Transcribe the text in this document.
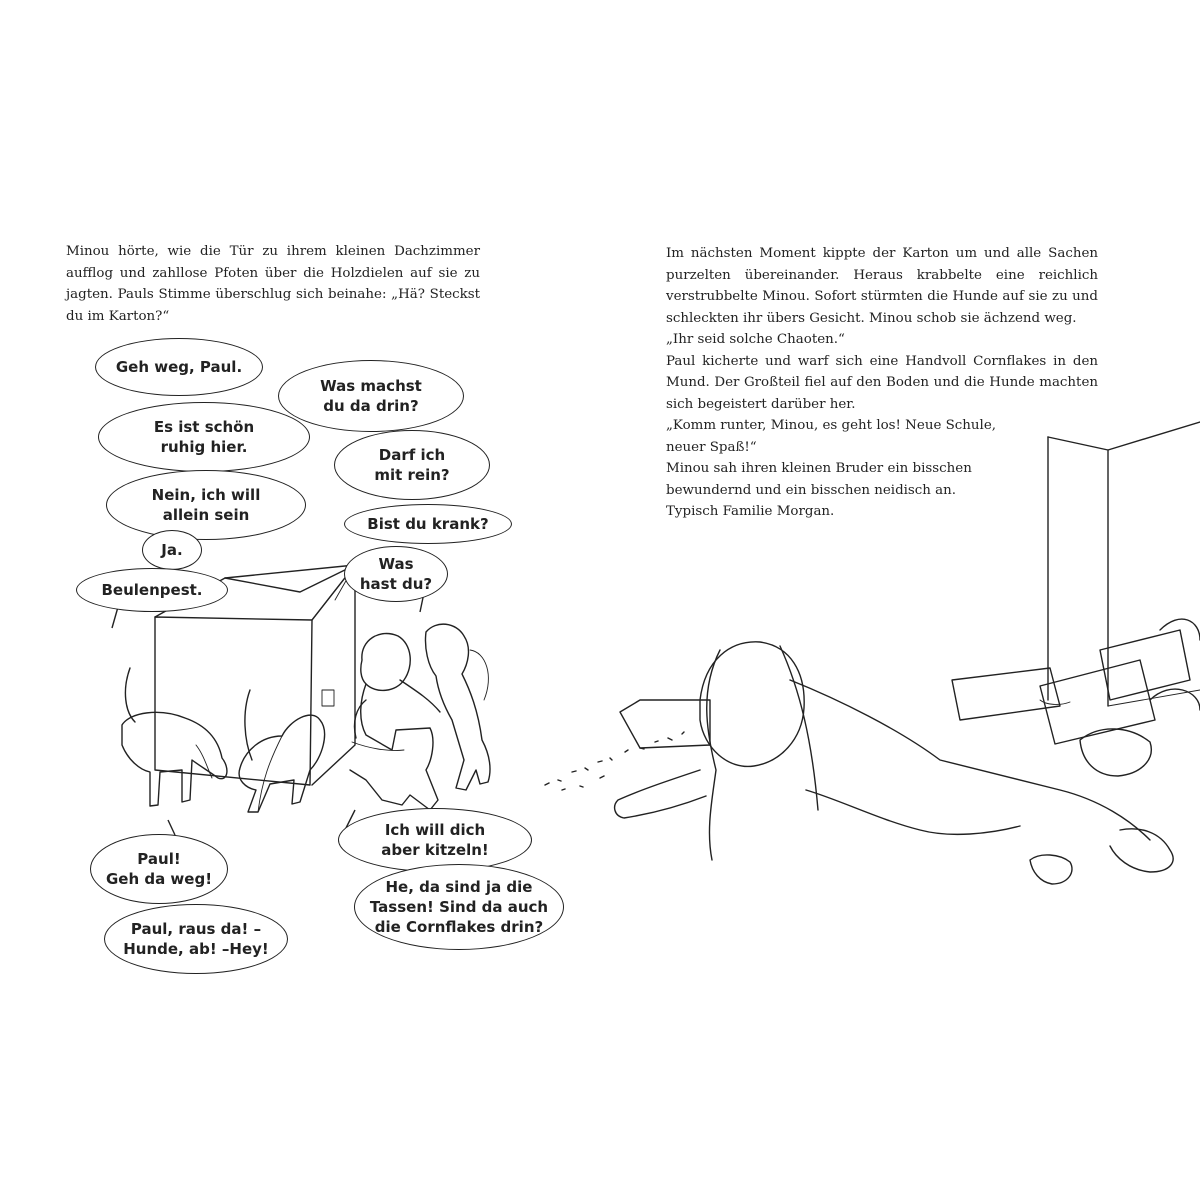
Minou hörte, wie die Tür zu ihrem kleinen Dachzimmer aufflog und zahllose Pfoten über die Holzdielen auf sie zu jagten. Pauls Stimme überschlug sich beinahe: „Hä? Steckst du im Karton?“

Geh weg, Paul.
Was machst
du da drin?
Es ist schön
ruhig hier.	Darf ich
mit rein?
Nein, ich will
allein sein	Bist du krank?
Ja.
Was
hast du?
Beulenpest.
Ich will dich
aber kitzeln!
Paul!
Geh da weg!	He, da sind ja die
Tassen! Sind da auch
die Cornflakes drin?
Paul, raus da! –
Hunde, ab! –Hey!

Im nächsten Moment kippte der Karton um und alle Sachen purzelten übereinander. Heraus krabbelte eine reichlich verstrubbelte Minou. Sofort stürmten die Hunde auf sie zu und schleckten ihr übers Gesicht. Minou schob sie ächzend weg.

„Ihr seid solche Chaoten.“

Paul kicherte und warf sich eine Handvoll Cornflakes in den Mund. Der Großteil fiel auf den Boden und die Hunde machten sich begeistert darüber her.

„Komm runter, Minou, es geht los! Neue Schule,

neuer Spaß!“

Minou sah ihren kleinen Bruder ein bisschen

bewundernd und ein bisschen neidisch an.

Typisch Familie Morgan.
